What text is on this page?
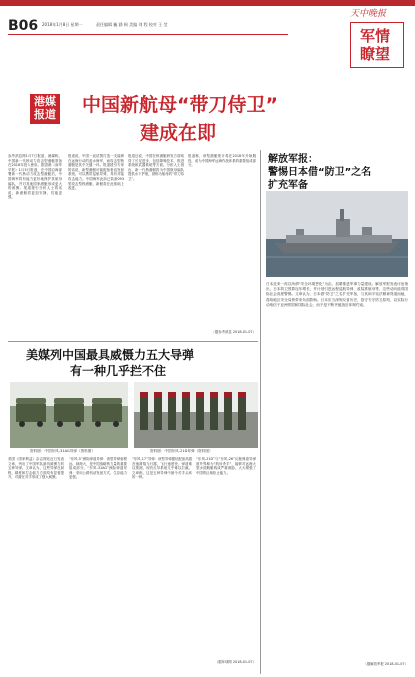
B06 2018年1月8日 星期一	责任编辑 巍 涵 枫 美编 刘 程 校对 王 莹
天中晚报
军情瞭望
港媒报道 中国新航母“带刀侍卫”
建成在即
参考消息网1月7日报道，港媒称，中国新一代核动力攻击型潜艇准备在2018年投入使用。据香港《南华早报》1月5日报道，在中国沿海部署新一代核动力攻击型潜艇后，中国海军将有能力更好地保护其航母编队，并对其他国家潜艇形成更大的威慑。报道援引分析人士的话说，新潜艇将更加安静，性能更强。
报道说，中国一直试图打造一支能够在远海行动的蓝水海军，而攻击型核潜艇是其中关键一环。报道援引专家的话说，新型潜艇可能配备垂直发射系统，可以携带巡航导弹，具有对陆攻击能力。中国海军此前已装备093型攻击型核潜艇，新艇将在此基础上改进。
报道还说，中国在核潜艇研发方面取得了长足进步，包括降噪技术、推进系统和武器系统等方面。分析人士指出，新一代核潜艇将为中国航母编队提供水下护航，被称为航母的“带刀侍卫”。
报道称，该型潜艇预计将在2018年开始服役，成为中国海军远海作战体系的重要组成部分。
（据参考消息 2018-01-07）
解放军报：
警惕日本借“防卫”之名
扩充军备
日本近来一再以所谓“安全环境恶化”为由，加紧推进军事力量建设。解放军报发表评论指出，日本防卫预算连年增长，并计划引进远程巡航导弹、改装准航母等，这些动向值得国际社会高度警惕。文章认为，日本借“防卫”之名扩充军备，与其和平宪法精神背道而驰，将给地区安全局势带来负面影响。日本应当深刻反省历史，恪守专守防卫原则，以实际行动取信于亚洲邻国和国际社会，而不是不断突破战后体制约束。
（据解放军报 2018-01-07）
美媒列中国最具威慑力五大导弹
有一种几乎拦不住
资料图：中国东风-31AG导弹（资料图）	资料图：中国东风-21D导弹（资料图）
美国《国家利益》杂志网站近日发表文章，列出了中国军队最具威慑力的五种导弹。文章认为，这些导弹在射程、精度和打击能力方面均有显著提升，对潜在对手形成了强大威慑。
“东风-5”洲际弹道导弹：该型导弹射程远、载荷大，是中国战略核力量的重要组成部分。“东风-31AG”洲际弹道导弹：采用公路机动发射方式，生存能力更强。
“东风-17”导弹：该型导弹据信配备高超音速滑翔飞行器，飞行速度快、弹道难以预测，现有反导系统几乎难以拦截。文章称，这是五种导弹中最令对手头疼的一种。
“东风-21D”与“东风-26”反舰弹道导弹被外界称为“航母杀手”，能够对远海大型水面舰艇构成严重威胁，大大增强了中国的区域拒止能力。
（据环球网 2018-01-07）
